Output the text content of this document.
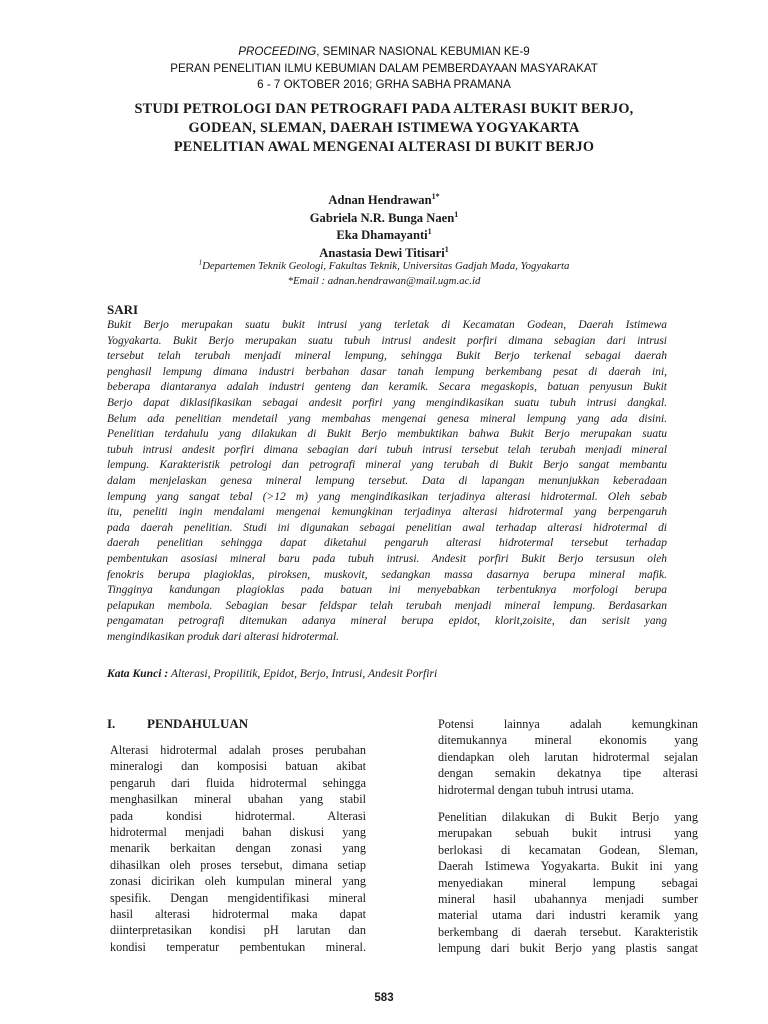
PROCEEDING, SEMINAR NASIONAL KEBUMIAN KE-9
PERAN PENELITIAN ILMU KEBUMIAN DALAM PEMBERDAYAAN MASYARAKAT
6 - 7 OKTOBER 2016; GRHA SABHA PRAMANA
STUDI PETROLOGI DAN PETROGRAFI PADA ALTERASI BUKIT BERJO,
GODEAN, SLEMAN, DAERAH ISTIMEWA YOGYAKARTA
PENELITIAN AWAL MENGENAI ALTERASI DI BUKIT BERJO
Adnan Hendrawan$^{1*}$
Gabriela N.R. Bunga Naen$^1$
Eka Dhamayanti$^1$
Anastasia Dewi Titisari$^1$
$^1$Departemen Teknik Geologi, Fakultas Teknik, Universitas Gadjah Mada, Yogyakarta
*Email : adnan.hendrawan@mail.ugm.ac.id
SARI
Bukit Berjo merupakan suatu bukit intrusi yang terletak di Kecamatan Godean, Daerah Istimewa
Yogyakarta. Bukit Berjo merupakan suatu tubuh intrusi andesit porfiri dimana sebagian dari intrusi
tersebut telah terubah menjadi mineral lempung, sehingga Bukit Berjo terkenal sebagai daerah
penghasil lempung dimana industri berbahan dasar tanah lempung berkembang pesat di daerah ini,
beberapa diantaranya adalah industri genteng dan keramik. Secara megaskopis, batuan penyusun Bukit
Berjo dapat diklasifikasikan sebagai andesit porfiri yang mengindikasikan suatu tubuh intrusi dangkal.
Belum ada penelitian mendetail yang membahas mengenai genesa mineral lempung yang ada disini.
Penelitian terdahulu yang dilakukan di Bukit Berjo membuktikan bahwa Bukit Berjo merupakan suatu
tubuh intrusi andesit porfiri dimana sebagian dari tubuh intrusi tersebut telah terubah menjadi mineral
lempung. Karakteristik petrologi dan petrografi mineral yang terubah di Bukit Berjo sangat membantu
dalam menjelaskan genesa mineral lempung tersebut. Data di lapangan menunjukkan keberadaan
lempung yang sangat tebal (>12 m) yang mengindikasikan terjadinya alterasi hidrotermal. Oleh sebab
itu, peneliti ingin mendalami mengenai kemungkinan terjadinya alterasi hidrotermal yang berpengaruh
pada daerah penelitian. Studi ini digunakan sebagai penelitian awal terhadap alterasi hidrotermal di
daerah penelitian sehingga dapat diketahui pengaruh alterasi hidrotermal tersebut terhadap
pembentukan asosiasi mineral baru pada tubuh intrusi. Andesit porfiri Bukit Berjo tersusun oleh
fenokris berupa plagioklas, piroksen, muskovit, sedangkan massa dasarnya berupa mineral mafik.
Tingginya kandungan plagioklas pada batuan ini menyebabkan terbentuknya morfologi berupa
pelapukan membola. Sebagian besar feldspar telah terubah menjadi mineral lempung. Berdasarkan
pengamatan petrografi ditemukan adanya mineral berupa epidot, klorit,zoisite, dan serisit yang
mengindikasikan produk dari alterasi hidrotermal.
Kata Kunci : Alterasi, Propilitik, Epidot, Berjo, Intrusi, Andesit Porfiri
I. PENDAHULUAN
Alterasi hidrotermal adalah proses perubahan
mineralogi dan komposisi batuan akibat
pengaruh dari fluida hidrotermal sehingga
menghasilkan mineral ubahan yang stabil
pada kondisi hidrotermal. Alterasi
hidrotermal menjadi bahan diskusi yang
menarik berkaitan dengan zonasi yang
dihasilkan oleh proses tersebut, dimana setiap
zonasi dicirikan oleh kumpulan mineral yang
spesifik. Dengan mengidentifikasi mineral
hasil alterasi hidrotermal maka dapat
diinterpretasikan kondisi pH larutan dan
kondisi temperatur pembentukan mineral.
Potensi lainnya adalah kemungkinan
ditemukannya mineral ekonomis yang
diendapkan oleh larutan hidrotermal sejalan
dengan semakin dekatnya tipe alterasi
hidrotermal dengan tubuh intrusi utama.
Penelitian dilakukan di Bukit Berjo yang
merupakan sebuah bukit intrusi yang
berlokasi di kecamatan Godean, Sleman,
Daerah Istimewa Yogyakarta. Bukit ini yang
menyediakan mineral lempung sebagai
mineral hasil ubahannya menjadi sumber
material utama dari industri keramik yang
berkembang di daerah tersebut. Karakteristik
lempung dari bukit Berjo yang plastis sangat
583
